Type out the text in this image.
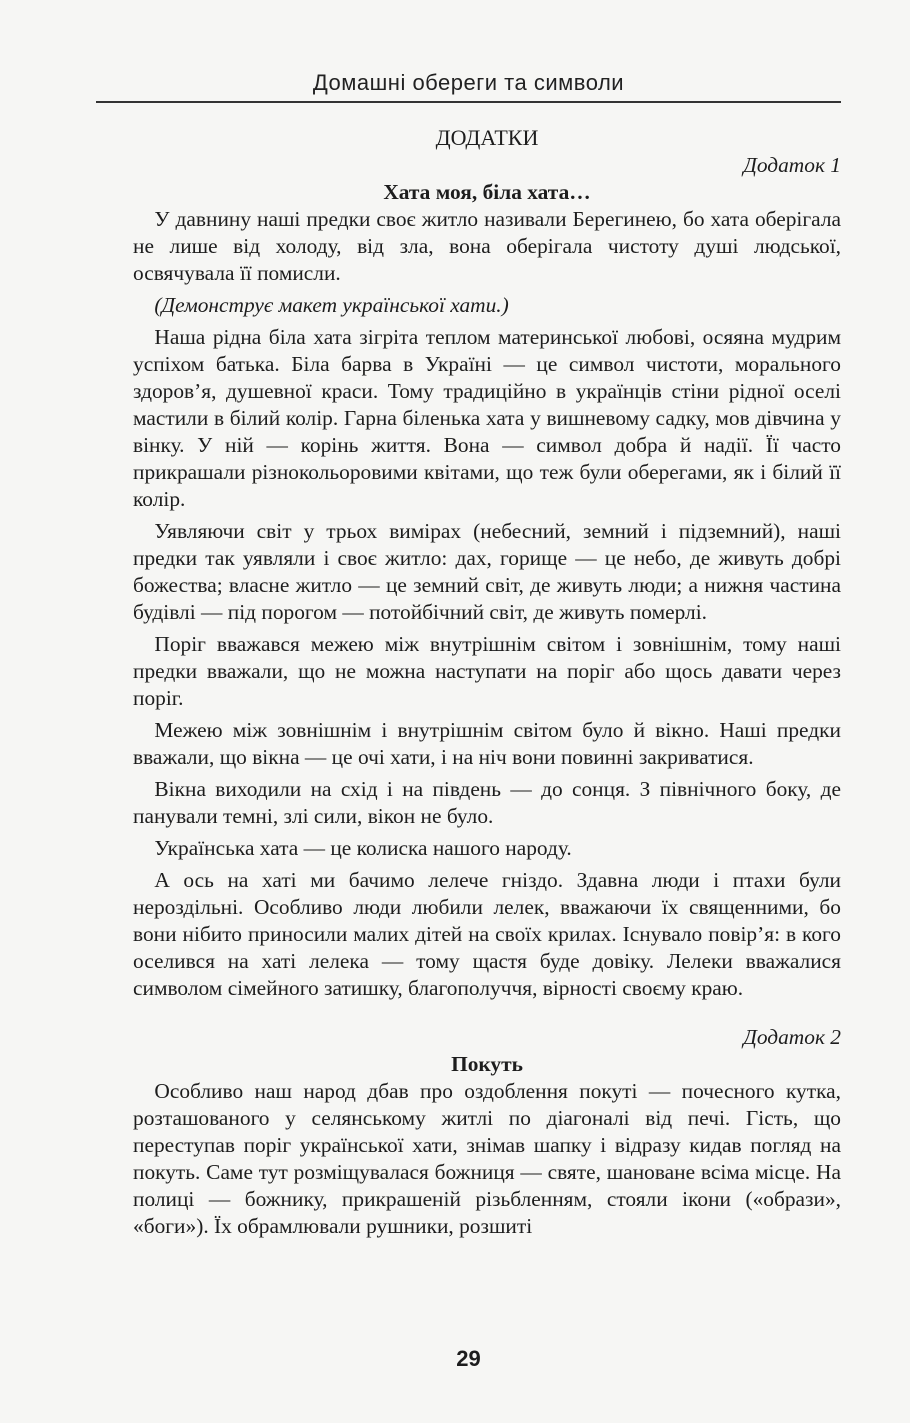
Домашні обереги та символи
ДОДАТКИ
Додаток 1
Хата моя, біла хата…

У давнину наші предки своє житло називали Берегинею, бо хата оберігала не лише від холоду, від зла, вона оберігала чистоту душі людської, освячувала її помисли.

(Демонструє макет української хати.)

Наша рідна біла хата зігріта теплом материнської любові, осяяна мудрим успіхом батька. Біла барва в Україні — це символ чистоти, морального здоров’я, душевної краси. Тому традиційно в українців стіни рідної оселі мастили в білий колір. Гарна біленька хата у вишневому садку, мов дівчина у вінку. У ній — корінь життя. Вона — символ добра й надії. Її часто прикрашали різнокольоровими квітами, що теж були оберегами, як і білий її колір.

Уявляючи світ у трьох вимірах (небесний, земний і підземний), наші предки так уявляли і своє житло: дах, горище — це небо, де живуть добрі божества; власне житло — це земний світ, де живуть люди; а нижня частина будівлі — під порогом — потойбічний світ, де живуть померлі.

Поріг вважався межею між внутрішнім світом і зовнішнім, тому наші предки вважали, що не можна наступати на поріг або щось давати через поріг.

Межею між зовнішнім і внутрішнім світом було й вікно. Наші предки вважали, що вікна — це очі хати, і на ніч вони повинні закриватися.

Вікна виходили на схід і на південь — до сонця. З північного боку, де панували темні, злі сили, вікон не було.

Українська хата — це колиска нашого народу.

А ось на хаті ми бачимо лелече гніздо. Здавна люди і птахи були нероздільні. Особливо люди любили лелек, вважаючи їх священними, бо вони нібито приносили малих дітей на своїх крилах. Існувало повір’я: в кого оселився на хаті лелека — тому щастя буде довіку. Лелеки вважалися символом сімейного затишку, благополуччя, вірності своєму краю.

Додаток 2
Покуть

Особливо наш народ дбав про оздоблення покуті — почесного кутка, розташованого у селянському житлі по діагоналі від печі. Гість, що переступав поріг української хати, знімав шапку і відразу кидав погляд на покуть. Саме тут розміщувалася божниця — святе, шановане всіма місце. На полиці — божнику, прикрашеній різьбленням, стояли ікони («образи», «боги»). Їх обрамлювали рушники, розшиті

29
